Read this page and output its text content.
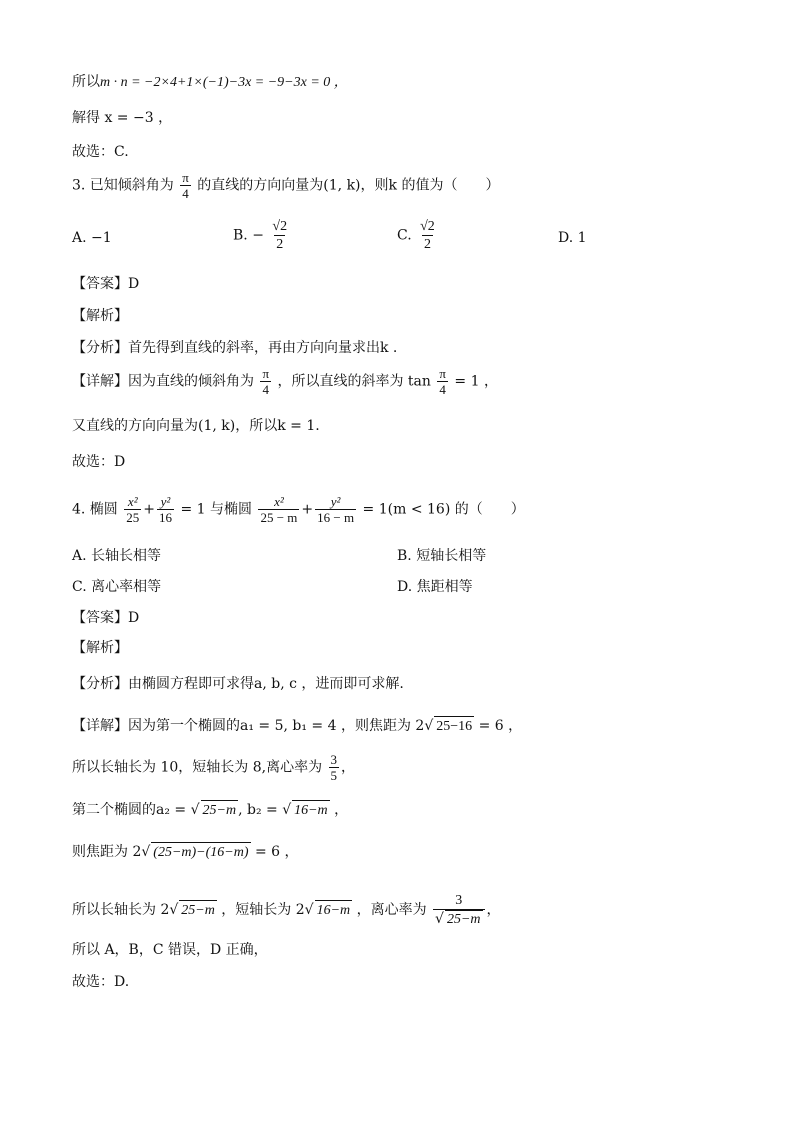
所以m · n = −2×4+1×(−1)−3x = −9−3x = 0 ，
解得 x = −3 ，
故选：C.
3. 已知倾斜角为 $\frac{\pi}{4}$ 的直线的方向向量为(1, k)，则k 的值为（　　）
A. −1	B. − $\frac{√2}{2}$	C. $\frac{√2}{2}$	D. 1
【答案】D
【解析】
【分析】首先得到直线的斜率，再由方向向量求出k .
【详解】因为直线的倾斜角为 $\frac{\pi}{4}$ ，所以直线的斜率为 $\tan \frac{\pi}{4} = 1$ ，
又直线的方向向量为(1, k)，所以k = 1.
故选：D
4. 椭圆 $\frac{\text{x²}}{25} + \frac{\text{y²}}{16} = 1$ 与椭圆 $\frac{\text{x²}}{25 - m} + \frac{\text{y²}}{16 - m} = 1(m < 16)$ 的（　　）
A. 长轴长相等	B. 短轴长相等
C. 离心率相等	D. 焦距相等
【答案】D
【解析】
【分析】由椭圆方程即可求得a, b, c ，进而即可求解.
【详解】因为第一个椭圆的a₁ = 5, b₁ = 4 ，则焦距为 2√ 25−16 = 6 ，
所以长轴长为 10，短轴长为 8,离心率为 $\frac{3}{5}$ ，
第二个椭圆的a₂ = √ 25−m , b₂ = √ 16−m ，
则焦距为 2√ (25−m)−(16−m) = 6 ，
所以长轴长为 2√ 25−m ，短轴长为 2√ 16−m ，离心率为 $\frac{3}{√ 25-m}$ ，
所以 A，B，C 错误，D 正确，
故选：D.
